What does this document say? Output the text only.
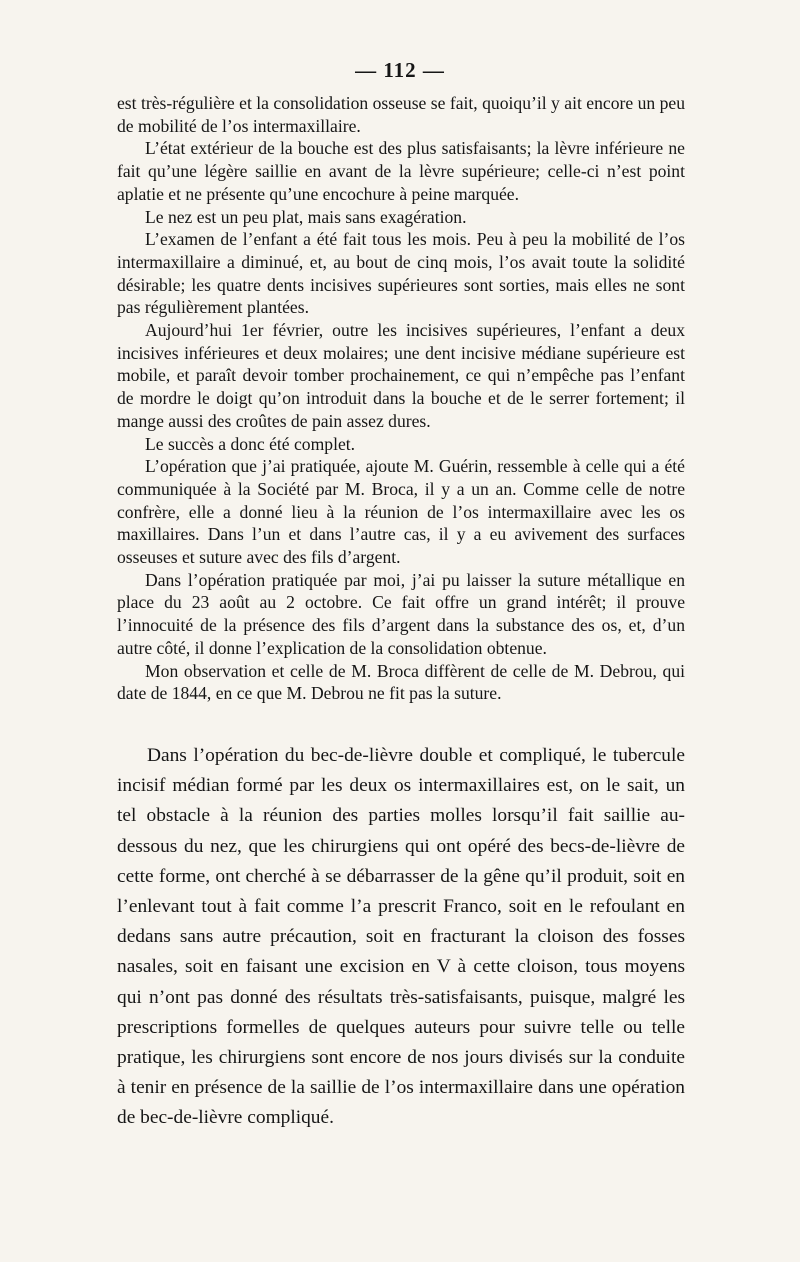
— 112 —

est très-régulière et la consolidation osseuse se fait, quoiqu’il y ait encore un peu de mobilité de l’os intermaxillaire.

L’état extérieur de la bouche est des plus satisfaisants; la lèvre inférieure ne fait qu’une légère saillie en avant de la lèvre supérieure; celle-ci n’est point aplatie et ne présente qu’une encochure à peine marquée.

Le nez est un peu plat, mais sans exagération.

L’examen de l’enfant a été fait tous les mois. Peu à peu la mobilité de l’os intermaxillaire a diminué, et, au bout de cinq mois, l’os avait toute la solidité désirable; les quatre dents incisives supérieures sont sorties, mais elles ne sont pas régulièrement plantées.

Aujourd’hui 1er février, outre les incisives supérieures, l’enfant a deux incisives inférieures et deux molaires; une dent incisive médiane supérieure est mobile, et paraît devoir tomber prochainement, ce qui n’empêche pas l’enfant de mordre le doigt qu’on introduit dans la bouche et de le serrer fortement; il mange aussi des croûtes de pain assez dures.

Le succès a donc été complet.

L’opération que j’ai pratiquée, ajoute M. Guérin, ressemble à celle qui a été communiquée à la Société par M. Broca, il y a un an. Comme celle de notre confrère, elle a donné lieu à la réunion de l’os intermaxillaire avec les os maxillaires. Dans l’un et dans l’autre cas, il y a eu avivement des surfaces osseuses et suture avec des fils d’argent.

Dans l’opération pratiquée par moi, j’ai pu laisser la suture métallique en place du 23 août au 2 octobre. Ce fait offre un grand intérêt; il prouve l’innocuité de la présence des fils d’argent dans la substance des os, et, d’un autre côté, il donne l’explication de la consolidation obtenue.

Mon observation et celle de M. Broca diffèrent de celle de M. Debrou, qui date de 1844, en ce que M. Debrou ne fit pas la suture.

Dans l’opération du bec-de-lièvre double et compliqué, le tubercule incisif médian formé par les deux os intermaxillaires est, on le sait, un tel obstacle à la réunion des parties molles lorsqu’il fait saillie au-dessous du nez, que les chirurgiens qui ont opéré des becs-de-lièvre de cette forme, ont cherché à se débarrasser de la gêne qu’il produit, soit en l’enlevant tout à fait comme l’a prescrit Franco, soit en le refoulant en dedans sans autre précaution, soit en fracturant la cloison des fosses nasales, soit en faisant une excision en V à cette cloison, tous moyens qui n’ont pas donné des résultats très-satisfaisants, puisque, malgré les prescriptions formelles de quelques auteurs pour suivre telle ou telle pratique, les chirurgiens sont encore de nos jours divisés sur la conduite à tenir en présence de la saillie de l’os intermaxillaire dans une opération de bec-de-lièvre compliqué.
